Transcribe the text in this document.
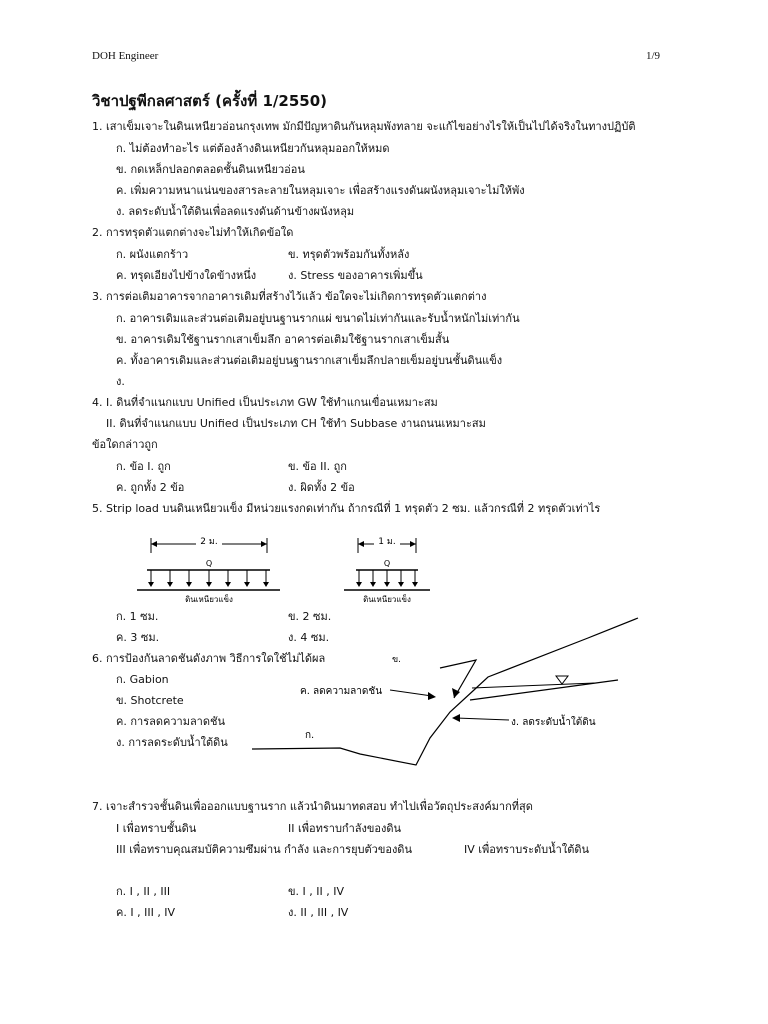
DOH Engineer	1/9
วิชาปฐพีกลศาสตร์ (ครั้งที่ 1/2550)
1. เสาเข็มเจาะในดินเหนียวอ่อนกรุงเทพ มักมีปัญหาดินกันหลุมพังทลาย จะแก้ไขอย่างไรให้เป็นไปได้จริงในทางปฏิบัติ
ก. ไม่ต้องทำอะไร แต่ต้องล้างดินเหนียวกันหลุมออกให้หมด
ข. กดเหล็กปลอกตลอดชั้นดินเหนียวอ่อน
ค. เพิ่มความหนาแน่นของสารละลายในหลุมเจาะ เพื่อสร้างแรงดันผนังหลุมเจาะไม่ให้พัง
ง. ลดระดับน้ำใต้ดินเพื่อลดแรงดันด้านข้างผนังหลุม
2. การทรุดตัวแตกต่างจะไม่ทำให้เกิดข้อใด
ก. ผนังแตกร้าว	ข. ทรุดตัวพร้อมกันทั้งหลัง
ค. ทรุดเอียงไปข้างใดข้างหนึ่ง	ง. Stress ของอาคารเพิ่มขึ้น
3. การต่อเติมอาคารจากอาคารเดิมที่สร้างไว้แล้ว ข้อใดจะไม่เกิดการทรุดตัวแตกต่าง
ก. อาคารเดิมและส่วนต่อเติมอยู่บนฐานรากแผ่ ขนาดไม่เท่ากันและรับน้ำหนักไม่เท่ากัน
ข. อาคารเดิมใช้ฐานรากเสาเข็มลึก อาคารต่อเติมใช้ฐานรากเสาเข็มสั้น
ค. ทั้งอาคารเดิมและส่วนต่อเติมอยู่บนฐานรากเสาเข็มลึกปลายเข็มอยู่บนชั้นดินแข็ง
ง.
4. I. ดินที่จำแนกแบบ Unified เป็นประเภท GW ใช้ทำแกนเขื่อนเหมาะสม
II. ดินที่จำแนกแบบ Unified เป็นประเภท CH ใช้ทำ Subbase งานถนนเหมาะสม
ข้อใดกล่าวถูก
ก. ข้อ I. ถูก	ข. ข้อ II. ถูก
ค. ถูกทั้ง 2 ข้อ	ง. ผิดทั้ง 2 ข้อ
5. Strip load บนดินเหนียวแข็ง มีหน่วยแรงกดเท่ากัน ถ้ากรณีที่ 1 ทรุดตัว 2 ซม. แล้วกรณีที่ 2 ทรุดตัวเท่าไร
2 ม.
Q
ดินเหนียวแข็ง
1 ม.
Q
ดินเหนียวแข็ง
ข.
ค. ลดความลาดชัน
ก.
ง. ลดระดับน้ำใต้ดิน
ก. 1 ซม.	ข. 2 ซม.
ค. 3 ซม.	ง. 4 ซม.
6. การป้องกันลาดชันดังภาพ วิธีการใดใช้ไม่ได้ผล
ก. Gabion
ข. Shotcrete
ค. การลดความลาดชัน
ง. การลดระดับน้ำใต้ดิน
7. เจาะสำรวจชั้นดินเพื่อออกแบบฐานราก แล้วนำดินมาทดสอบ ทำไปเพื่อวัตถุประสงค์มากที่สุด
I เพื่อทราบชั้นดิน	II เพื่อทราบกำลังของดิน
III เพื่อทราบคุณสมบัติความซึมผ่าน กำลัง และการยุบตัวของดิน	IV เพื่อทราบระดับน้ำใต้ดิน
ก. I , II , III	ข. I , II , IV
ค. I , III , IV	ง. II , III , IV
